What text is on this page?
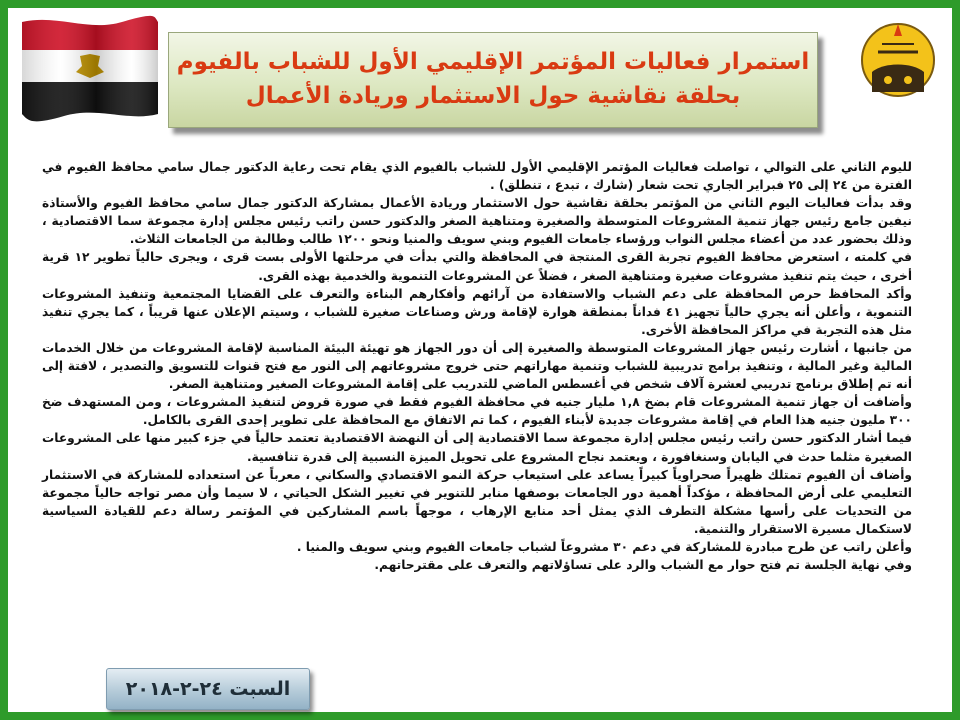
استمرار فعاليات المؤتمر الإقليمي الأول للشباب بالفيوم
بحلقة نقاشية حول الاستثمار وريادة الأعمال

لليوم الثاني على التوالي ، تواصلت فعاليات المؤتمر الإقليمي الأول للشباب بالفيوم الذي يقام تحت رعاية الدكتور جمال سامي محافظ الفيوم في الفترة من ٢٤ إلى ٢٥ فبراير الجاري تحت شعار (شارك ، تبدع ، تنطلق) .

وقد بدأت فعاليات اليوم الثاني من المؤتمر بحلقة نقاشية حول الاستثمار وريادة الأعمال بمشاركة الدكتور جمال سامي محافظ الفيوم والأستاذة نيفين جامع رئيس جهاز تنمية المشروعات المتوسطة والصغيرة ومتناهية الصغر والدكتور حسن راتب رئيس مجلس إدارة مجموعة سما الاقتصادية ، وذلك بحضور عدد من أعضاء مجلس النواب ورؤساء جامعات الفيوم وبني سويف والمنيا ونحو ١٢٠٠ طالب وطالبة من الجامعات الثلاث.

في كلمته ، استعرض محافظ الفيوم تجربة القرى المنتجة في المحافظة والتي بدأت في مرحلتها الأولى بست قرى ، ويجرى حالياً تطوير ١٢ قرية أخرى ، حيث يتم تنفيذ مشروعات صغيرة ومتناهية الصغر ، فضلاً عن المشروعات التنموية والخدمية بهذه القرى.

وأكد المحافظ حرص المحافظة على دعم الشباب والاستفادة من آرائهم وأفكارهم البناءة والتعرف على القضايا المجتمعية وتنفيذ المشروعات التنموية ، وأعلن أنه يجري حالياً تجهيز ٤١ فداناً بمنطقة هوارة لإقامة ورش وصناعات صغيرة للشباب ، وسيتم الإعلان عنها قريباً ، كما يجري تنفيذ مثل هذه التجربة في مراكز المحافظة الأخرى.

من جانبها ، أشارت رئيس جهاز المشروعات المتوسطة والصغيرة إلى أن دور الجهاز هو تهيئة البيئة المناسبة لإقامة المشروعات من خلال الخدمات المالية وغير المالية ، وتنفيذ برامج تدريبية للشباب وتنمية مهاراتهم حتى خروج مشروعاتهم إلى النور مع فتح قنوات للتسويق والتصدير ، لافتة إلى أنه تم إطلاق برنامج تدريبي لعشرة آلاف شخص في أغسطس الماضي للتدريب على إقامة المشروعات الصغير ومتناهية الصغر.

وأضافت أن جهاز تنمية المشروعات قام بضخ ١,٨ مليار جنيه في محافظة الفيوم فقط في صورة قروض لتنفيذ المشروعات ، ومن المستهدف ضخ ٣٠٠ مليون جنيه هذا العام في إقامة مشروعات جديدة لأبناء الفيوم ، كما تم الاتفاق مع المحافظة على تطوير إحدى القرى بالكامل.

فيما أشار الدكتور حسن راتب رئيس مجلس إدارة مجموعة سما الاقتصادية إلى أن النهضة الاقتصادية تعتمد حالياً في جزء كبير منها على المشروعات الصغيرة مثلما حدث في اليابان وسنغافورة ، ويعتمد نجاح المشروع على تحويل الميزة النسبية إلى قدرة تنافسية.

وأضاف أن الفيوم تمتلك ظهيراً صحراوياً كبيراً يساعد على استيعاب حركة النمو الاقتصادي والسكاني ، معرباً عن استعداده للمشاركة في الاستثمار التعليمي على أرض المحافظة ، مؤكداً أهمية دور الجامعات بوصفها منابر للتنوير في تغيير الشكل الحياتي ، لا سيما وأن مصر تواجه حالياً مجموعة من التحديات على رأسها مشكلة التطرف الذي يمثل أحد منابع الإرهاب ، موجهاً باسم المشاركين في المؤتمر رسالة دعم للقيادة السياسية لاستكمال مسيرة الاستقرار والتنمية.

وأعلن راتب عن طرح مبادرة للمشاركة في دعم ٣٠ مشروعاً لشباب جامعات الفيوم وبني سويف والمنيا .

وفي نهاية الجلسة تم فتح حوار مع الشباب والرد على تساؤلاتهم والتعرف على مقترحاتهم.

السبت ٢٤-٢-٢٠١٨
